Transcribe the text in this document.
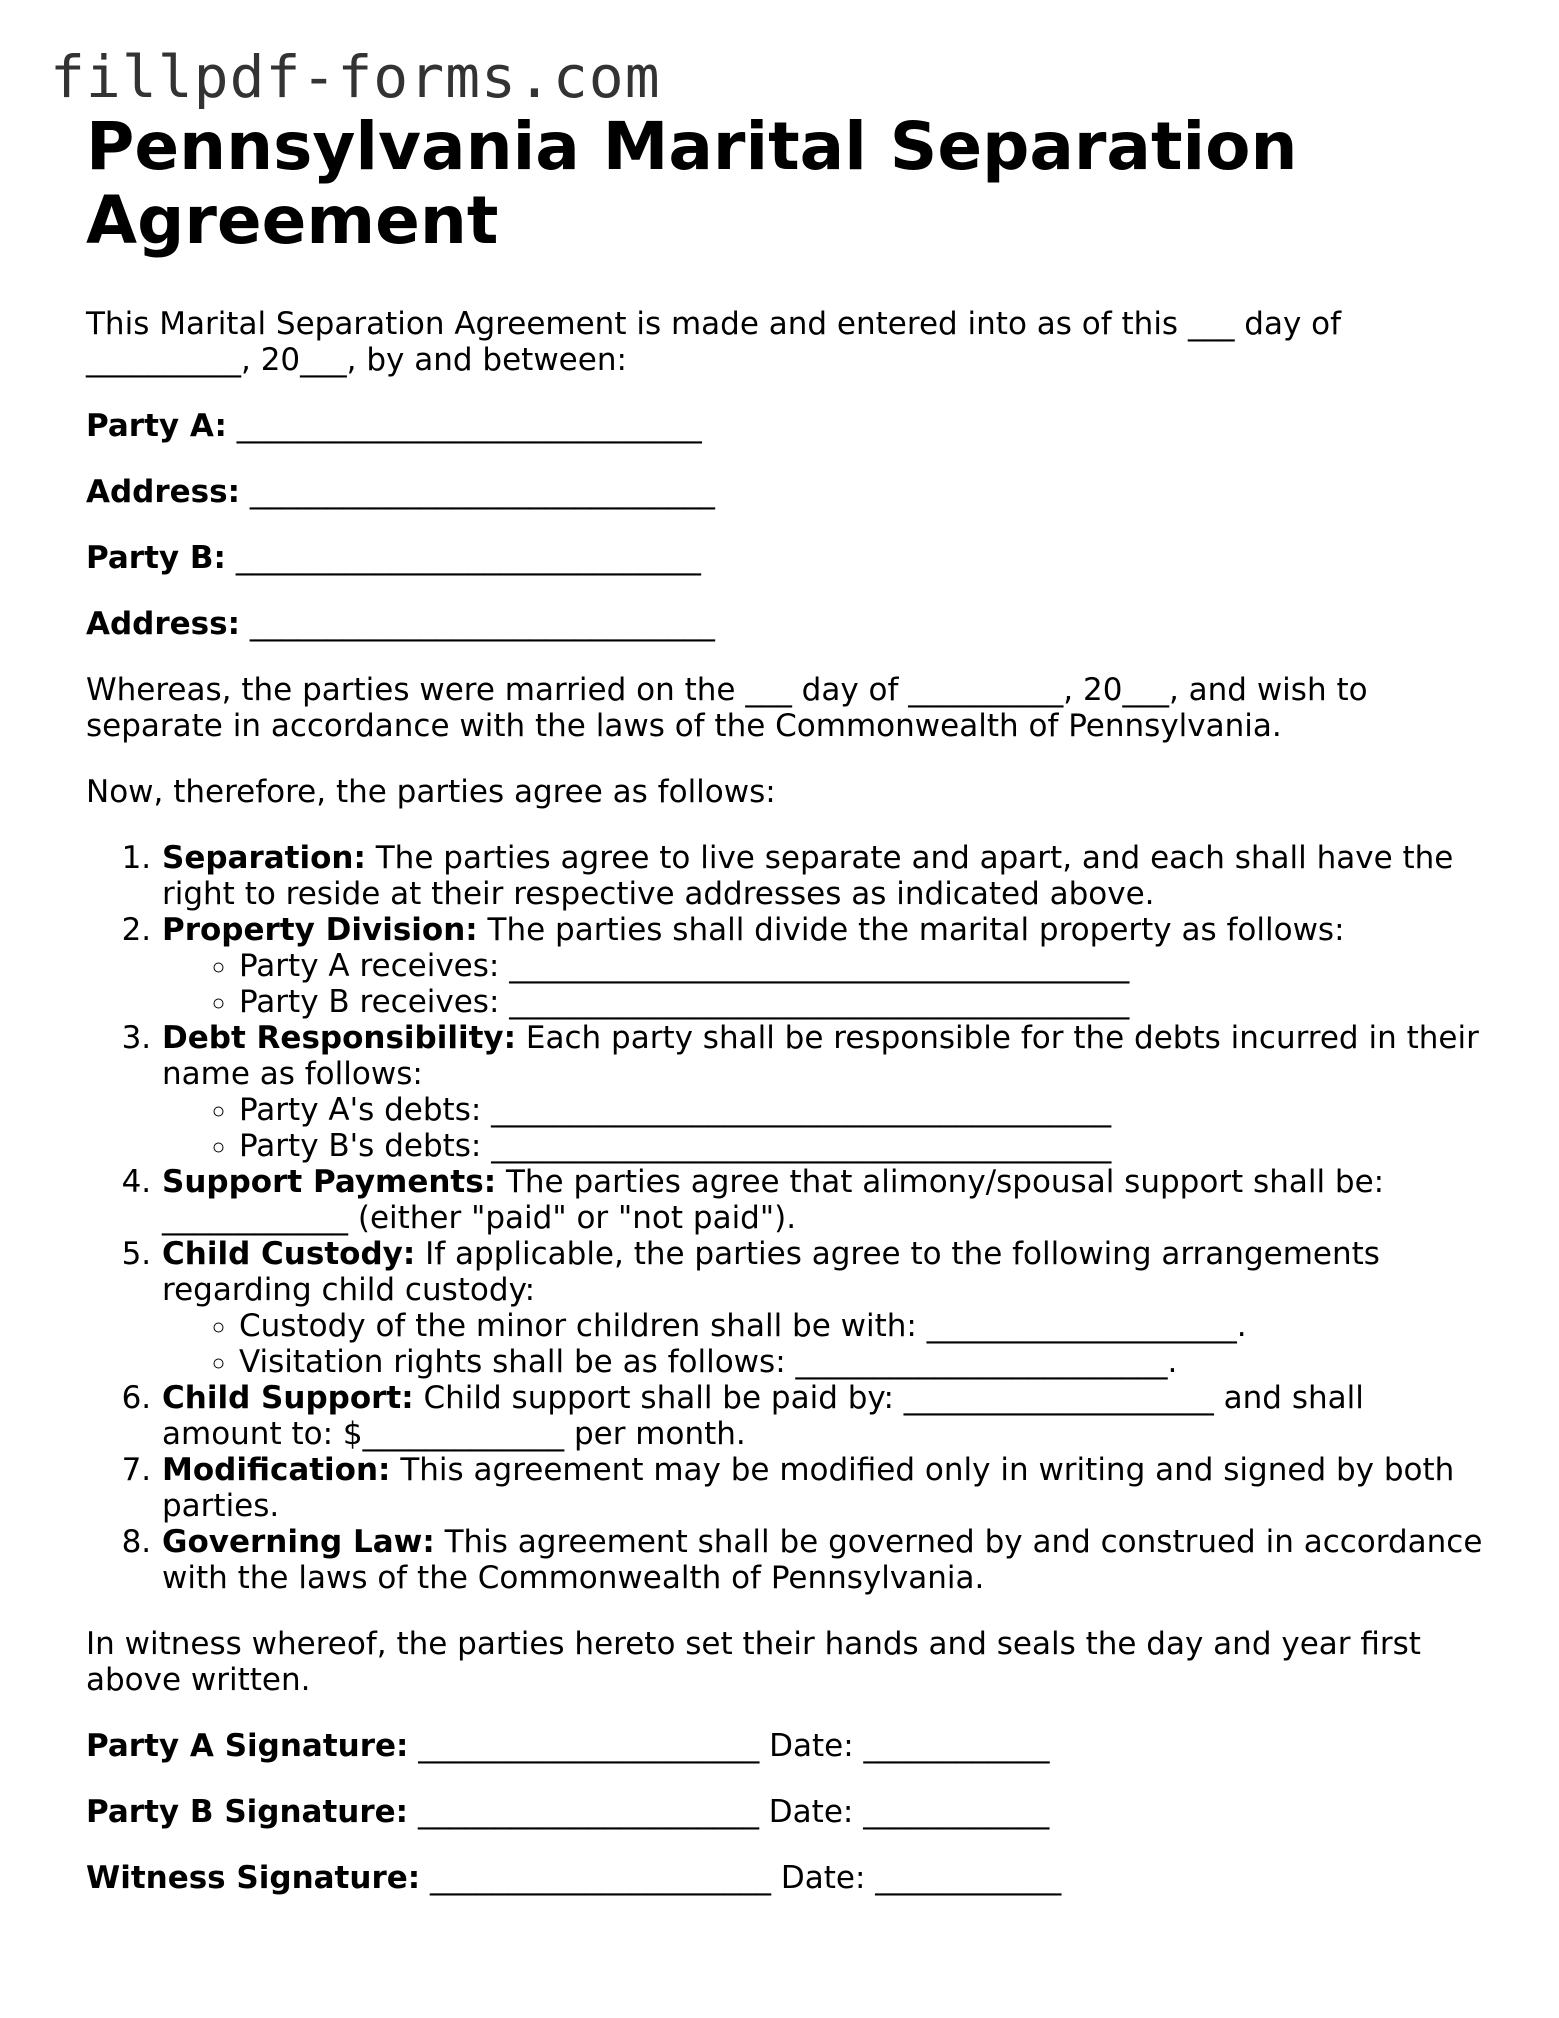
fillpdf-forms.com
Pennsylvania Marital Separation Agreement

This Marital Separation Agreement is made and entered into as of this ___ day of __________, 20___, by and between:

Party A: ______________________________

Address: ______________________________

Party B: ______________________________

Address: ______________________________

Whereas, the parties were married on the ___ day of __________, 20___, and wish to separate in accordance with the laws of the Commonwealth of Pennsylvania.

Now, therefore, the parties agree as follows:

1. Separation: The parties agree to live separate and apart, and each shall have the right to reside at their respective addresses as indicated above.
2. Property Division: The parties shall divide the marital property as follows:
◦ Party A receives: ________________________________________
◦ Party B receives: ________________________________________
3. Debt Responsibility: Each party shall be responsible for the debts incurred in their name as follows:
◦ Party A's debts: ________________________________________
◦ Party B's debts: ________________________________________
4. Support Payments: The parties agree that alimony/spousal support shall be: ____________ (either "paid" or "not paid").
5. Child Custody: If applicable, the parties agree to the following arrangements regarding child custody:
◦ Custody of the minor children shall be with: ____________________.
◦ Visitation rights shall be as follows: ________________________.
6. Child Support: Child support shall be paid by: ____________________ and shall amount to: $_____________ per month.
7. Modification: This agreement may be modified only in writing and signed by both parties.
8. Governing Law: This agreement shall be governed by and construed in accordance with the laws of the Commonwealth of Pennsylvania.

In witness whereof, the parties hereto set their hands and seals the day and year first above written.

Party A Signature: ______________________ Date: ____________

Party B Signature: ______________________ Date: ____________

Witness Signature: ______________________ Date: ____________
